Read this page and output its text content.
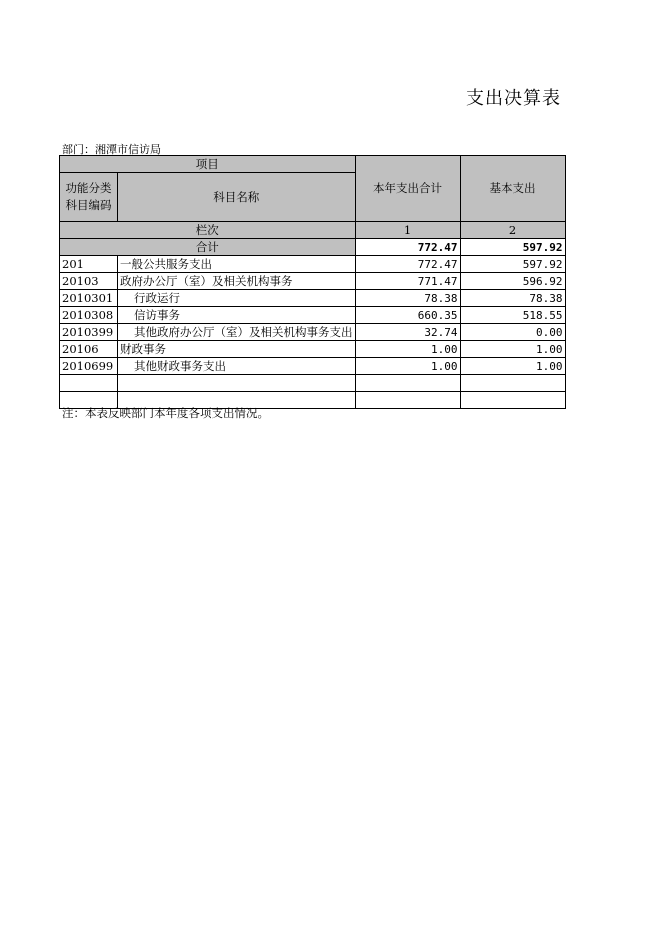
支出决算表
部门：湘潭市信访局
项目		本年支出合计	基本支出

功能分类
科目编码	科目名称		
栏次		1	2
合计		772.47	597.92
201	一般公共服务支出	772.47	597.92
20103	政府办公厅（室）及相关机构事务	771.47	596.92
2010301	行政运行	78.38	78.38
2010308	信访事务	660.35	518.55
2010399	其他政府办公厅（室）及相关机构事务支出	32.74	0.00
20106	财政事务	1.00	1.00
2010699	其他财政事务支出	1.00	1.00

注：本表反映部门本年度各项支出情况。
